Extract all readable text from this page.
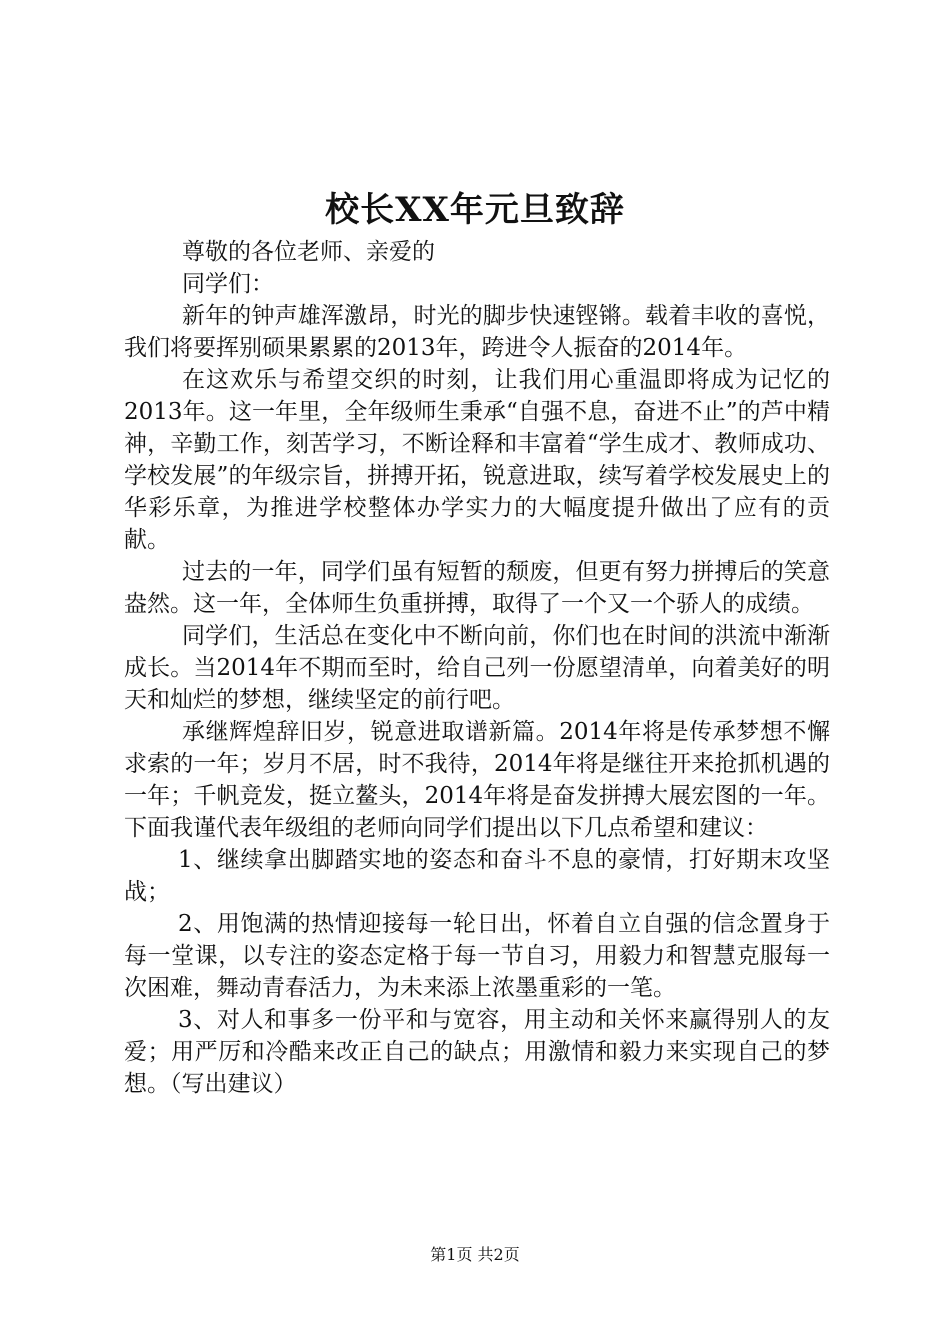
校长XX年元旦致辞

尊敬的各位老师、亲爱的

同学们：

新年的钟声雄浑激昂，时光的脚步快速铿锵。载着丰收的喜悦，我们将要挥别硕果累累的2013年，跨进令人振奋的2014年。

在这欢乐与希望交织的时刻，让我们用心重温即将成为记忆的2013年。这一年里，全年级师生秉承“自强不息，奋进不止”的芦中精神，辛勤工作，刻苦学习，不断诠释和丰富着“学生成才、教师成功、学校发展”的年级宗旨，拼搏开拓，锐意进取，续写着学校发展史上的华彩乐章，为推进学校整体办学实力的大幅度提升做出了应有的贡献。

过去的一年，同学们虽有短暂的颓废，但更有努力拼搏后的笑意盎然。这一年，全体师生负重拼搏，取得了一个又一个骄人的成绩。

同学们，生活总在变化中不断向前，你们也在时间的洪流中渐渐成长。当2014年不期而至时，给自己列一份愿望清单，向着美好的明天和灿烂的梦想，继续坚定的前行吧。

承继辉煌辞旧岁，锐意进取谱新篇。2014年将是传承梦想不懈求索的一年；岁月不居，时不我待，2014年将是继往开来抢抓机遇的一年；千帆竞发，挺立鳌头，2014年将是奋发拼搏大展宏图的一年。下面我谨代表年级组的老师向同学们提出以下几点希望和建议：

1、继续拿出脚踏实地的姿态和奋斗不息的豪情，打好期末攻坚战；

2、用饱满的热情迎接每一轮日出，怀着自立自强的信念置身于每一堂课，以专注的姿态定格于每一节自习，用毅力和智慧克服每一次困难，舞动青春活力，为未来添上浓墨重彩的一笔。

3、对人和事多一份平和与宽容，用主动和关怀来赢得别人的友爱；用严厉和冷酷来改正自己的缺点；用激情和毅力来实现自己的梦想。（写出建议）

第1页 共2页
